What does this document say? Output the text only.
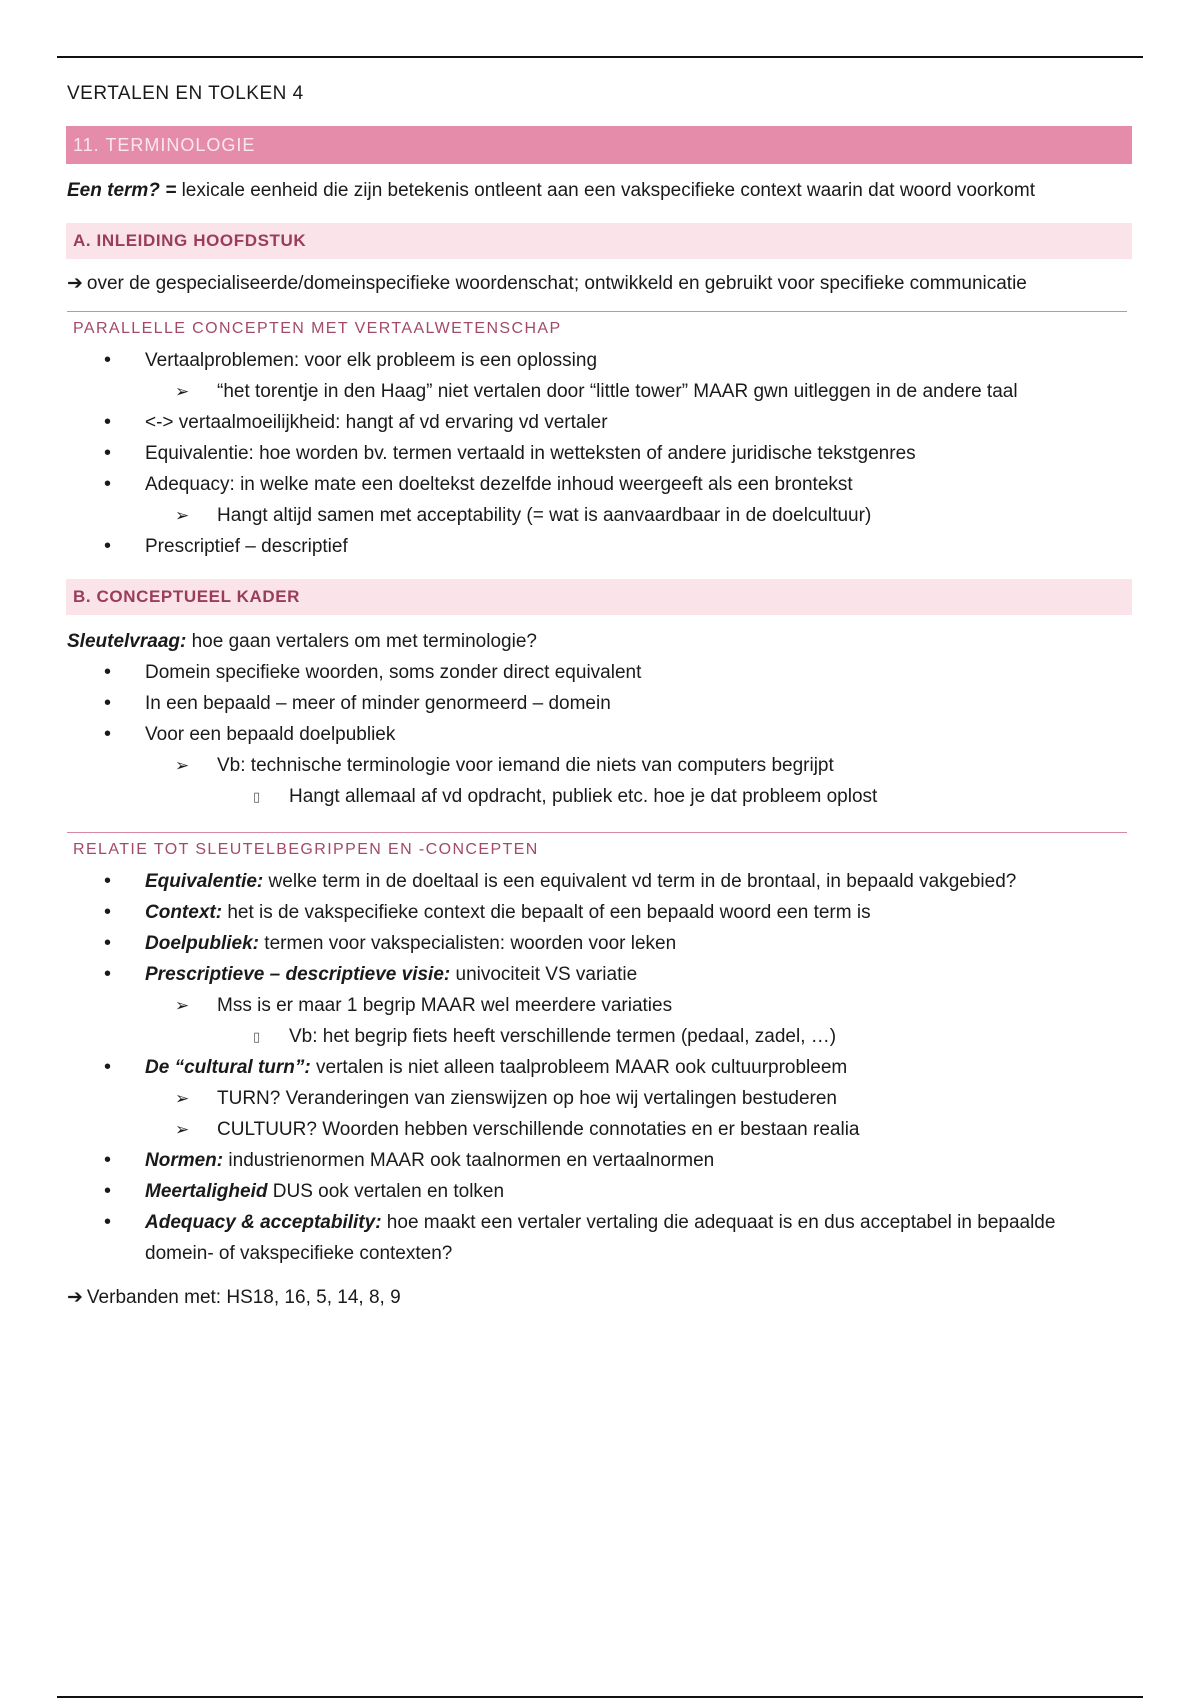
VERTALEN EN TOLKEN 4

11. TERMINOLOGIE

Een term? = lexicale eenheid die zijn betekenis ontleent aan een vakspecifieke context waarin dat woord voorkomt

A. INLEIDING HOOFDSTUK

➔ over de gespecialiseerde/domeinspecifieke woordenschat; ontwikkeld en gebruikt voor specifieke communicatie

PARALLELLE CONCEPTEN MET VERTAALWETENSCHAP
• Vertaalproblemen: voor elk probleem is een oplossing
➢ “het torentje in den Haag” niet vertalen door “little tower” MAAR gwn uitleggen in de andere taal
• <-> vertaalmoeilijkheid: hangt af vd ervaring vd vertaler
• Equivalentie: hoe worden bv. termen vertaald in wetteksten of andere juridische tekstgenres
• Adequacy: in welke mate een doeltekst dezelfde inhoud weergeeft als een brontekst
➢ Hangt altijd samen met acceptability (= wat is aanvaardbaar in de doelcultuur)
• Prescriptief – descriptief
B. CONCEPTUEEL KADER

Sleutelvraag: hoe gaan vertalers om met terminologie?

• Domein specifieke woorden, soms zonder direct equivalent
• In een bepaald – meer of minder genormeerd – domein
• Voor een bepaald doelpubliek
➢ Vb: technische terminologie voor iemand die niets van computers begrijpt
▯ Hangt allemaal af vd opdracht, publiek etc. hoe je dat probleem oplost
RELATIE TOT SLEUTELBEGRIPPEN EN -CONCEPTEN
• Equivalentie: welke term in de doeltaal is een equivalent vd term in de brontaal, in bepaald vakgebied?
• Context: het is de vakspecifieke context die bepaalt of een bepaald woord een term is
• Doelpubliek: termen voor vakspecialisten: woorden voor leken
• Prescriptieve – descriptieve visie: univociteit VS variatie
➢ Mss is er maar 1 begrip MAAR wel meerdere variaties
▯ Vb: het begrip fiets heeft verschillende termen (pedaal, zadel, …)
• De “cultural turn”: vertalen is niet alleen taalprobleem MAAR ook cultuurprobleem
➢ TURN? Veranderingen van zienswijzen op hoe wij vertalingen bestuderen
➢ CULTUUR? Woorden hebben verschillende connotaties en er bestaan realia
• Normen: industrienormen MAAR ook taalnormen en vertaalnormen
• Meertaligheid DUS ook vertalen en tolken
• Adequacy & acceptability: hoe maakt een vertaler vertaling die adequaat is en dus acceptabel in bepaalde domein- of vakspecifieke contexten?

➔ Verbanden met: HS18, 16, 5, 14, 8, 9
